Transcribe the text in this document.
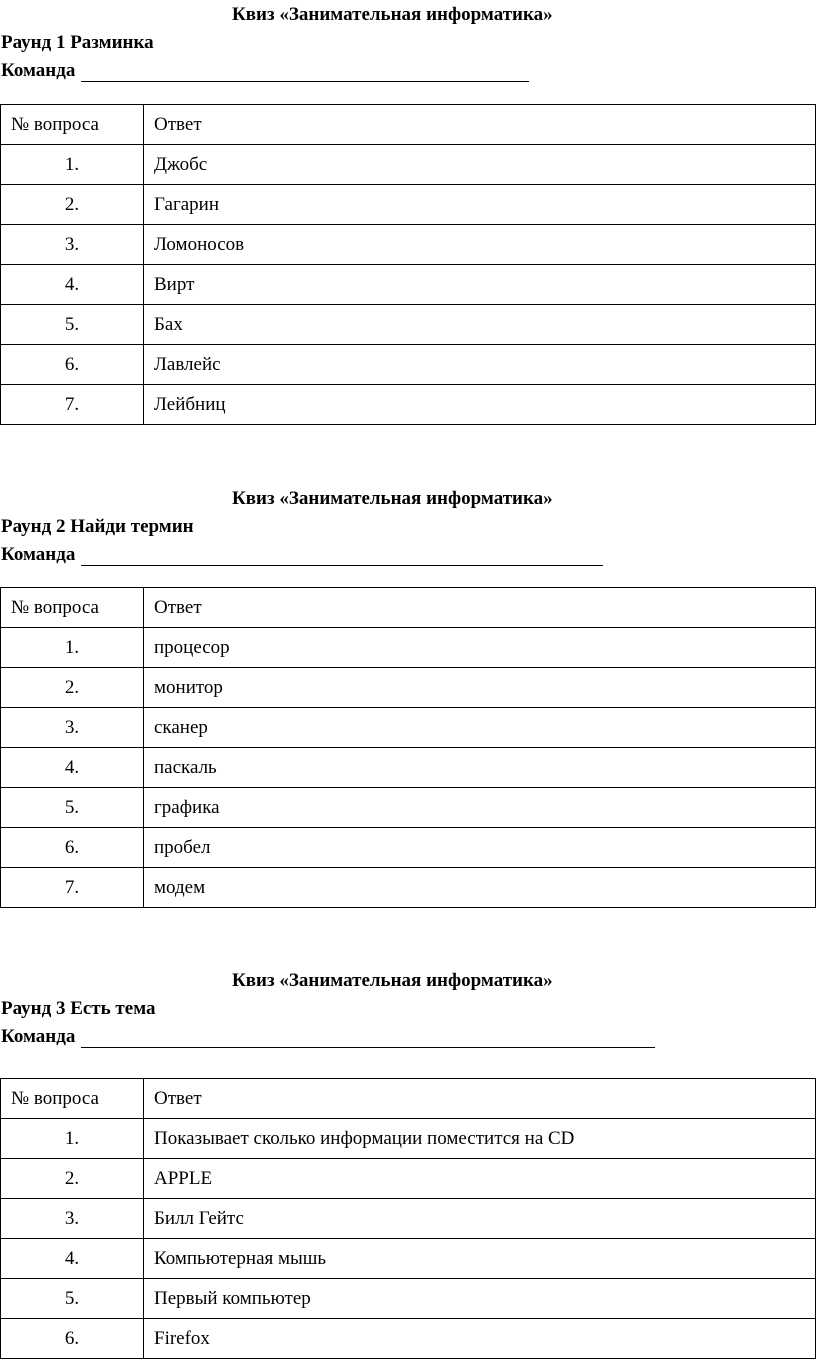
Квиз «Занимательная информатика»
Раунд 1 Разминка
Команда
№ вопроса	Ответ
1.	Джобс
2.	Гагарин
3.	Ломоносов
4.	Вирт
5.	Бах
6.	Лавлейс
7.	Лейбниц
Квиз «Занимательная информатика»
Раунд 2 Найди термин
Команда
№ вопроса	Ответ
1.	процесор
2.	монитор
3.	сканер
4.	паскаль
5.	графика
6.	пробел
7.	модем
Квиз «Занимательная информатика»
Раунд 3 Есть тема
Команда
№ вопроса	Ответ
1.	Показывает сколько информации поместится на CD
2.	APPLE
3.	Билл Гейтс
4.	Компьютерная мышь
5.	Первый компьютер
6.	Firefox
